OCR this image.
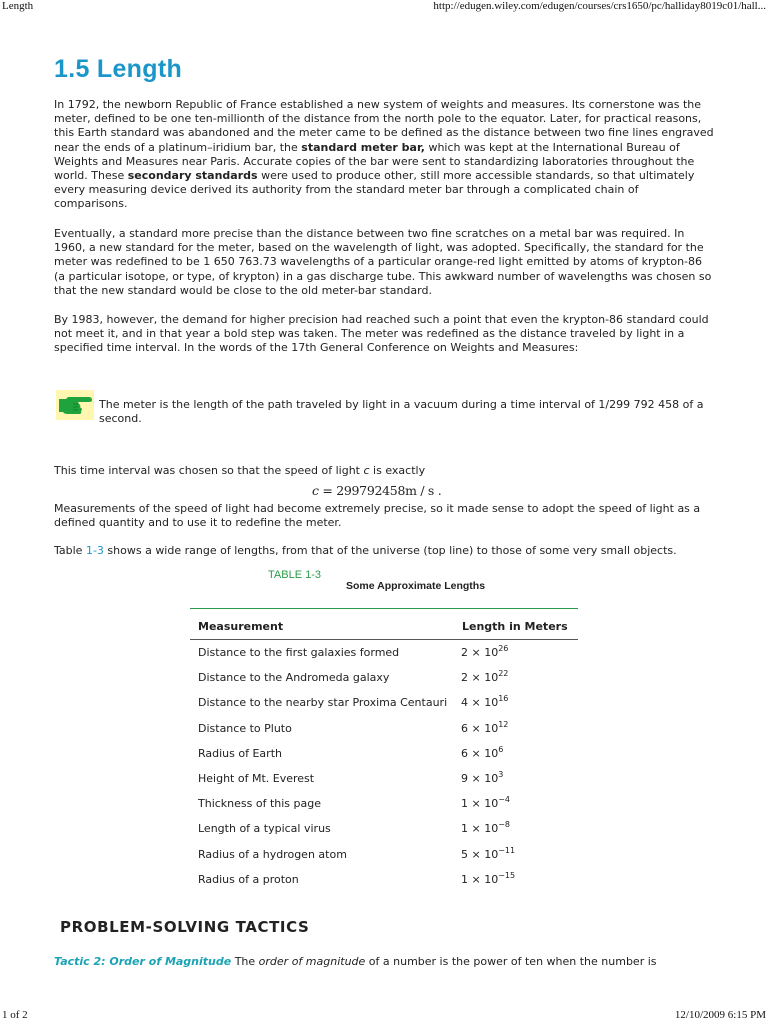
Length	http://edugen.wiley.com/edugen/courses/crs1650/pc/halliday8019c01/hall...
1.5 Length

In 1792, the newborn Republic of France established a new system of weights and measures. Its cornerstone was the meter, defined to be one ten-millionth of the distance from the north pole to the equator. Later, for practical reasons, this Earth standard was abandoned and the meter came to be defined as the distance between two fine lines engraved near the ends of a platinum–iridium bar, the standard meter bar, which was kept at the International Bureau of Weights and Measures near Paris. Accurate copies of the bar were sent to standardizing laboratories throughout the world. These secondary standards were used to produce other, still more accessible standards, so that ultimately every measuring device derived its authority from the standard meter bar through a complicated chain of comparisons.

Eventually, a standard more precise than the distance between two fine scratches on a metal bar was required. In 1960, a new standard for the meter, based on the wavelength of light, was adopted. Specifically, the standard for the meter was redefined to be 1 650 763.73 wavelengths of a particular orange-red light emitted by atoms of krypton-86 (a particular isotope, or type, of krypton) in a gas discharge tube. This awkward number of wavelengths was chosen so that the new standard would be close to the old meter-bar standard.

By 1983, however, the demand for higher precision had reached such a point that even the krypton-86 standard could not meet it, and in that year a bold step was taken. The meter was redefined as the distance traveled by light in a specified time interval. In the words of the 17th General Conference on Weights and Measures:

The meter is the length of the path traveled by light in a vacuum during a time interval of 1/299 792 458 of a second.

This time interval was chosen so that the speed of light c is exactly

c = 299792458m / s .

Measurements of the speed of light had become extremely precise, so it made sense to adopt the speed of light as a defined quantity and to use it to redefine the meter.

Table 1-3 shows a wide range of lengths, from that of the universe (top line) to those of some very small objects.

TABLE 1-3
Some Approximate Lengths
Measurement	Length in Meters
Distance to the first galaxies formed	$2 \times 10^{26}$
Distance to the Andromeda galaxy	$2 \times 10^{22}$
Distance to the nearby star Proxima Centauri	$4 \times 10^{16}$
Distance to Pluto	$6 \times 10^{12}$
Radius of Earth	$6 \times 10^6$
Height of Mt. Everest	$9 \times 10^3$
Thickness of this page	$1 \times 10^{-4}$
Length of a typical virus	$1 \times 10^{-8}$
Radius of a hydrogen atom	$5 \times 10^{-11}$
Radius of a proton	$1 \times 10^{-15}$
PROBLEM-SOLVING TACTICS

Tactic 2: Order of Magnitude The order of magnitude of a number is the power of ten when the number is

1 of 2	12/10/2009 6:15 PM
